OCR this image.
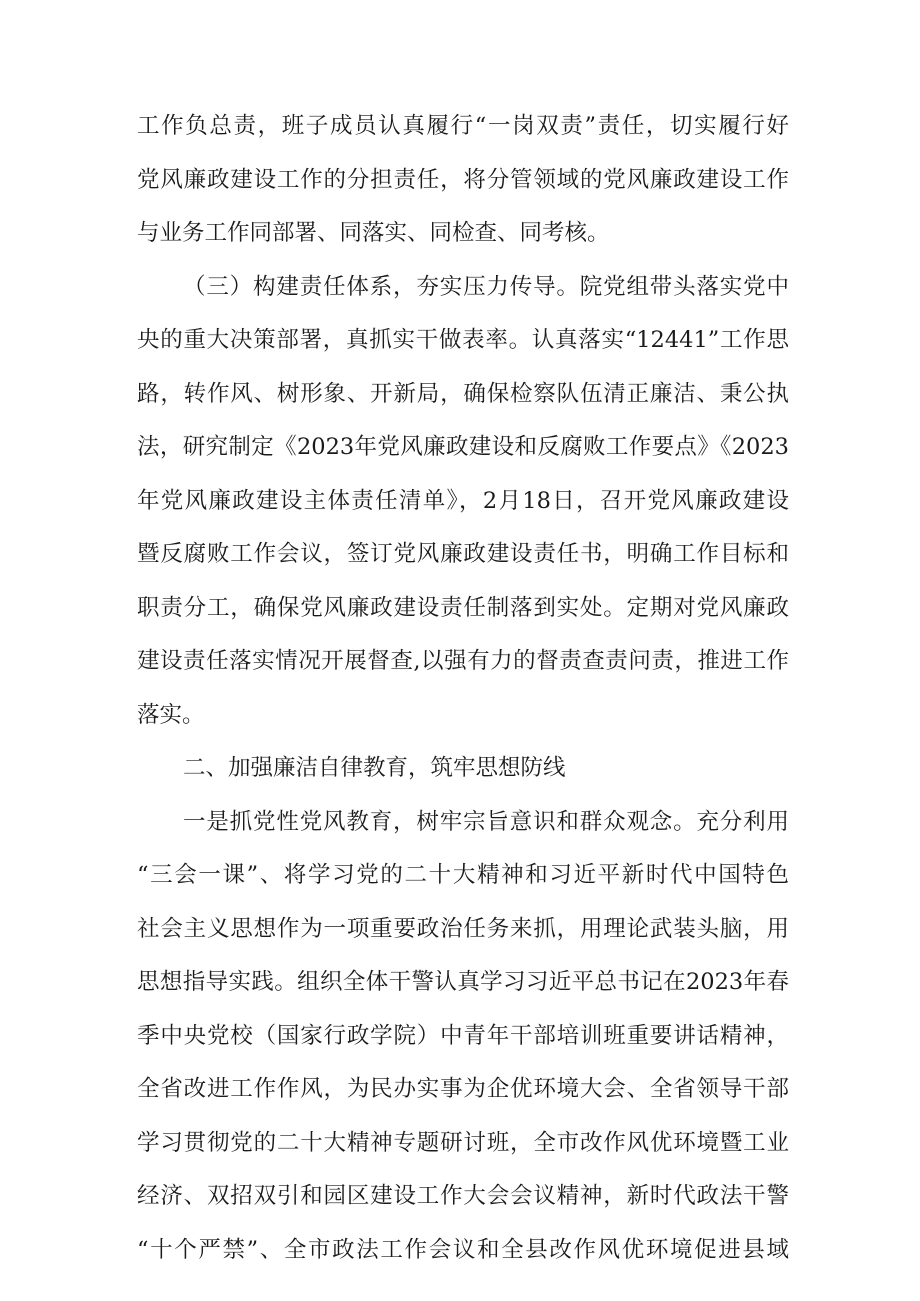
工作负总责，班子成员认真履行“一岗双责”责任，切实履行好
党风廉政建设工作的分担责任，将分管领域的党风廉政建设工作
与业务工作同部署、同落实、同检查、同考核。
（三）构建责任体系，夯实压力传导。院党组带头落实党中
央的重大决策部署，真抓实干做表率。认真落实“12441”工作思
路，转作风、树形象、开新局，确保检察队伍清正廉洁、秉公执
法，研究制定《2023年党风廉政建设和反腐败工作要点》《2023
年党风廉政建设主体责任清单》，2月18日，召开党风廉政建设
暨反腐败工作会议，签订党风廉政建设责任书，明确工作目标和
职责分工，确保党风廉政建设责任制落到实处。定期对党风廉政
建设责任落实情况开展督查,以强有力的督责查责问责，推进工作
落实。
二、加强廉洁自律教育，筑牢思想防线
一是抓党性党风教育，树牢宗旨意识和群众观念。充分利用
“三会一课”、将学习党的二十大精神和习近平新时代中国特色
社会主义思想作为一项重要政治任务来抓，用理论武装头脑，用
思想指导实践。组织全体干警认真学习习近平总书记在2023年春
季中央党校（国家行政学院）中青年干部培训班重要讲话精神，
全省改进工作作风，为民办实事为企优环境大会、全省领导干部
学习贯彻党的二十大精神专题研讨班，全市改作风优环境暨工业
经济、双招双引和园区建设工作大会会议精神，新时代政法干警
“十个严禁”、全市政法工作会议和全县改作风优环境促进县域
